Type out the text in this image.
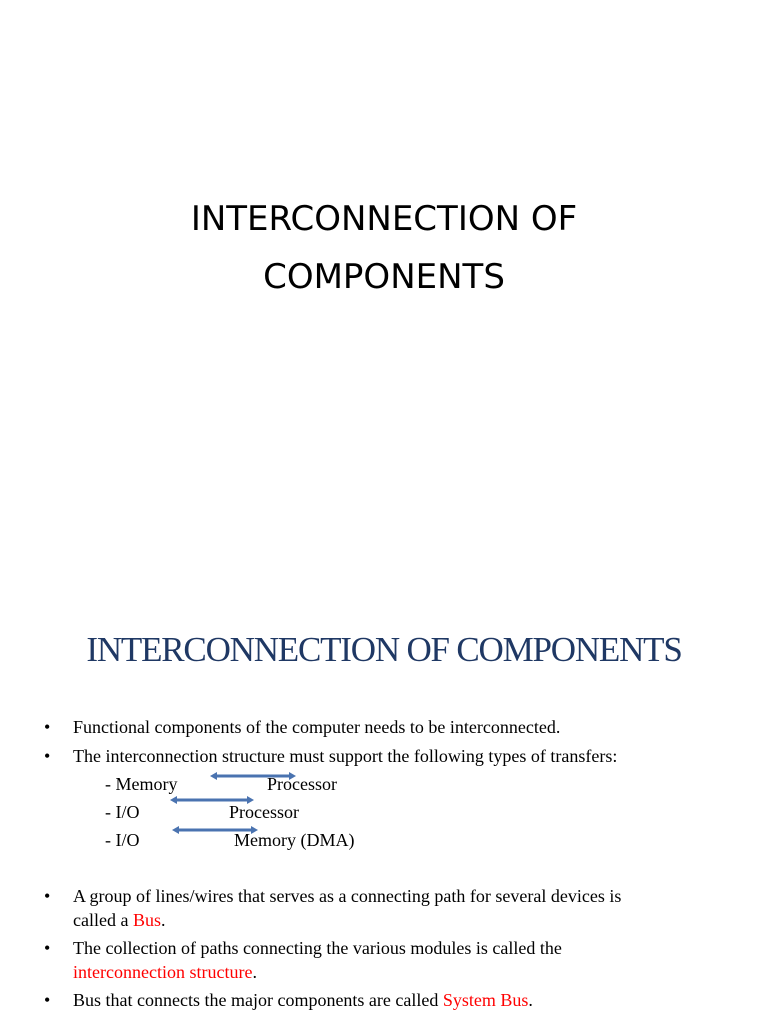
INTERCONNECTION OF
COMPONENTS
INTERCONNECTION OF COMPONENTS
•	Functional components of the computer needs to be interconnected.
•	The interconnection structure must support the following types of transfers:
- Memory	Processor
- I/O	Processor
- I/O	Memory (DMA)
•	A group of lines/wires that serves as a connecting path for several devices is
called a Bus.
•	The collection of paths connecting the various modules is called the
interconnection structure.
•	Bus that connects the major components are called System Bus.
